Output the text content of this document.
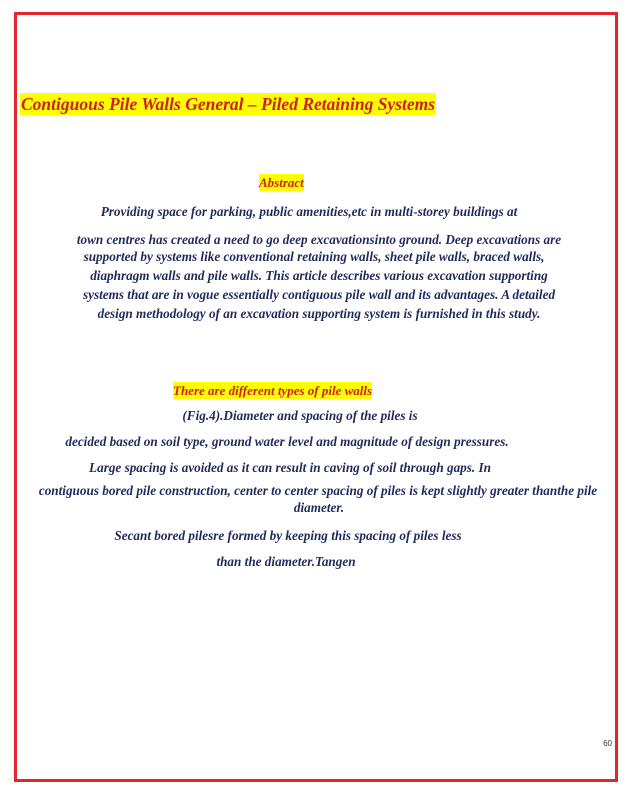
Contiguous Pile Walls General – Piled Retaining Systems
Abstract
Providing space for parking, public amenities,etc in multi-storey buildings at
town centres has created a need to go deep excavationsinto ground. Deep excavations are
supported by systems like conventional retaining walls, sheet pile walls, braced walls,
diaphragm walls and pile walls. This article describes various excavation supporting
systems that are in vogue essentially contiguous pile wall and its advantages. A detailed
design methodology of an excavation supporting system is furnished in this study.
There are different types of pile walls
(Fig.4).Diameter and spacing of the piles is
decided based on soil type, ground water level and magnitude of design pressures.
Large spacing is avoided as it can result in caving of soil through gaps. In
contiguous bored pile construction, center to center spacing of piles is kept slightly greater thanthe pile
diameter.
Secant bored pilesre formed by keeping this spacing of piles less
than the diameter.Tangen
60
